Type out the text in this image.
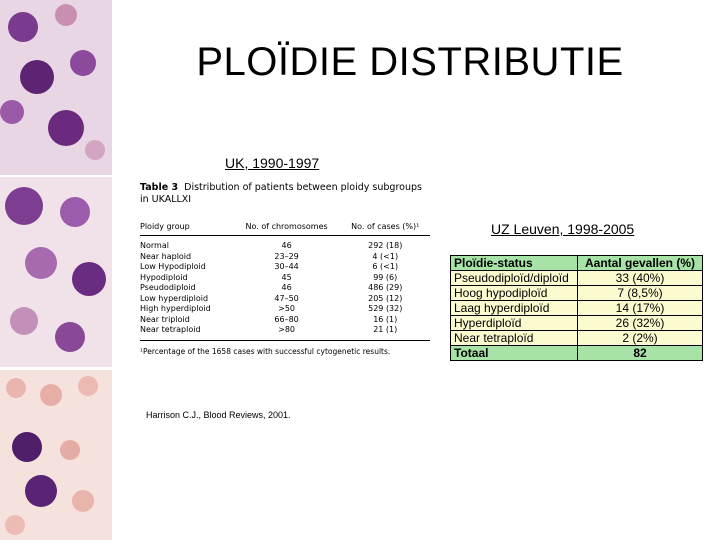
PLOÏDIE DISTRIBUTIE
UK, 1990-1997
Table 3 Distribution of patients between ploidy subgroups in UKALLXI
Ploidy group	No. of chromosomes	No. of cases (%)¹
Normal	46	292 (18)
Near haploid	23–29	4 (<1)
Low Hypodiploid	30–44	6 (<1)
Hypodiploid	45	99 (6)
Pseudodiploid	46	486 (29)
Low hyperdiploid	47–50	205 (12)
High hyperdiploid	>50	529 (32)
Near triploid	66–80	16 (1)
Near tetraploid	>80	21 (1)
¹Percentage of the 1658 cases with successful cytogenetic results.
Harrison C.J., Blood Reviews, 2001.
UZ Leuven, 1998-2005
Ploïdie-status	Aantal gevallen (%)
Pseudodiploïd/diploïd	33 (40%)
Hoog hypodiploïd	7 (8,5%)
Laag hyperdiploïd	14 (17%)
Hyperdiploïd	26 (32%)
Near tetraploïd	2 (2%)
Totaal	82
